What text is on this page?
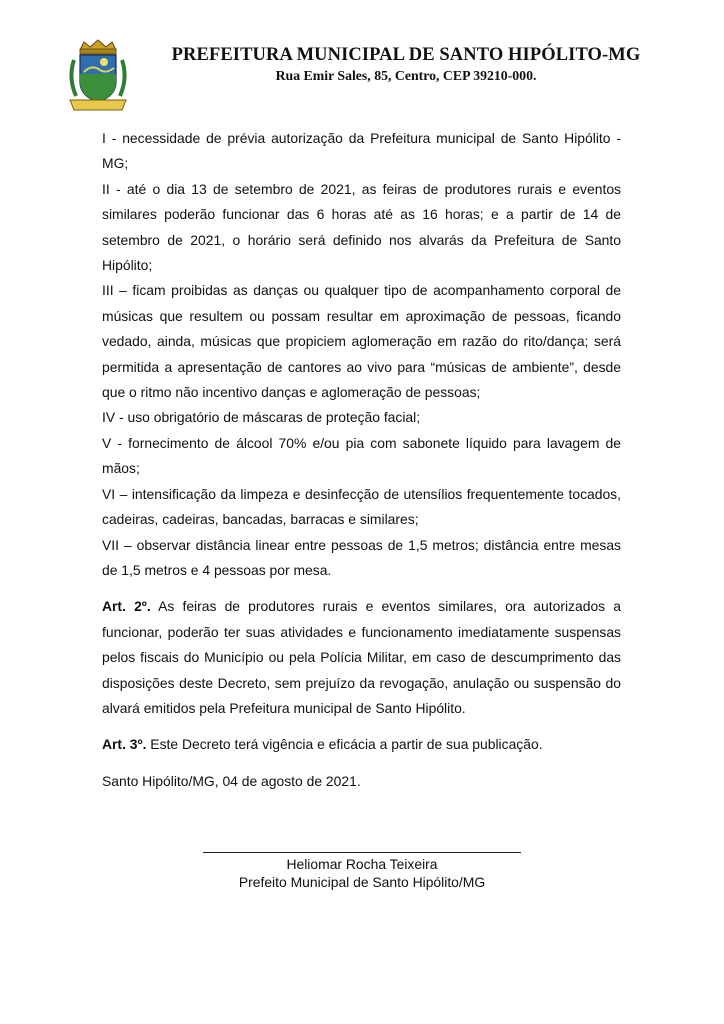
PREFEITURA MUNICIPAL DE SANTO HIPÓLITO-MG
Rua Emir Sales, 85, Centro, CEP 39210-000.

I - necessidade de prévia autorização da Prefeitura municipal de Santo Hipólito - MG;

II - até o dia 13 de setembro de 2021, as feiras de produtores rurais e eventos similares poderão funcionar das 6 horas até as 16 horas; e a partir de 14 de setembro de 2021, o horário será definido nos alvarás da Prefeitura de Santo Hipólito;

III – ficam proibidas as danças ou qualquer tipo de acompanhamento corporal de músicas que resultem ou possam resultar em aproximação de pessoas, ficando vedado, ainda, músicas que propiciem aglomeração em razão do rito/dança; será permitida a apresentação de cantores ao vivo para “músicas de ambiente”, desde que o ritmo não incentivo danças e aglomeração de pessoas;

IV - uso obrigatório de máscaras de proteção facial;

V - fornecimento de álcool 70% e/ou pia com sabonete líquido para lavagem de mãos;

VI – intensificação da limpeza e desinfecção de utensílios frequentemente tocados, cadeiras, cadeiras, bancadas, barracas e similares;

VII – observar distância linear entre pessoas de 1,5 metros; distância entre mesas de 1,5 metros e 4 pessoas por mesa.

Art. 2º. As feiras de produtores rurais e eventos similares, ora autorizados a funcionar, poderão ter suas atividades e funcionamento imediatamente suspensas pelos fiscais do Município ou pela Polícia Militar, em caso de descumprimento das disposições deste Decreto, sem prejuízo da revogação, anulação ou suspensão do alvará emitidos pela Prefeitura municipal de Santo Hipólito.

Art. 3º. Este Decreto terá vigência e eficácia a partir de sua publicação.

Santo Hipólito/MG, 04 de agosto de 2021.

Heliomar Rocha Teixeira
Prefeito Municipal de Santo Hipólito/MG
